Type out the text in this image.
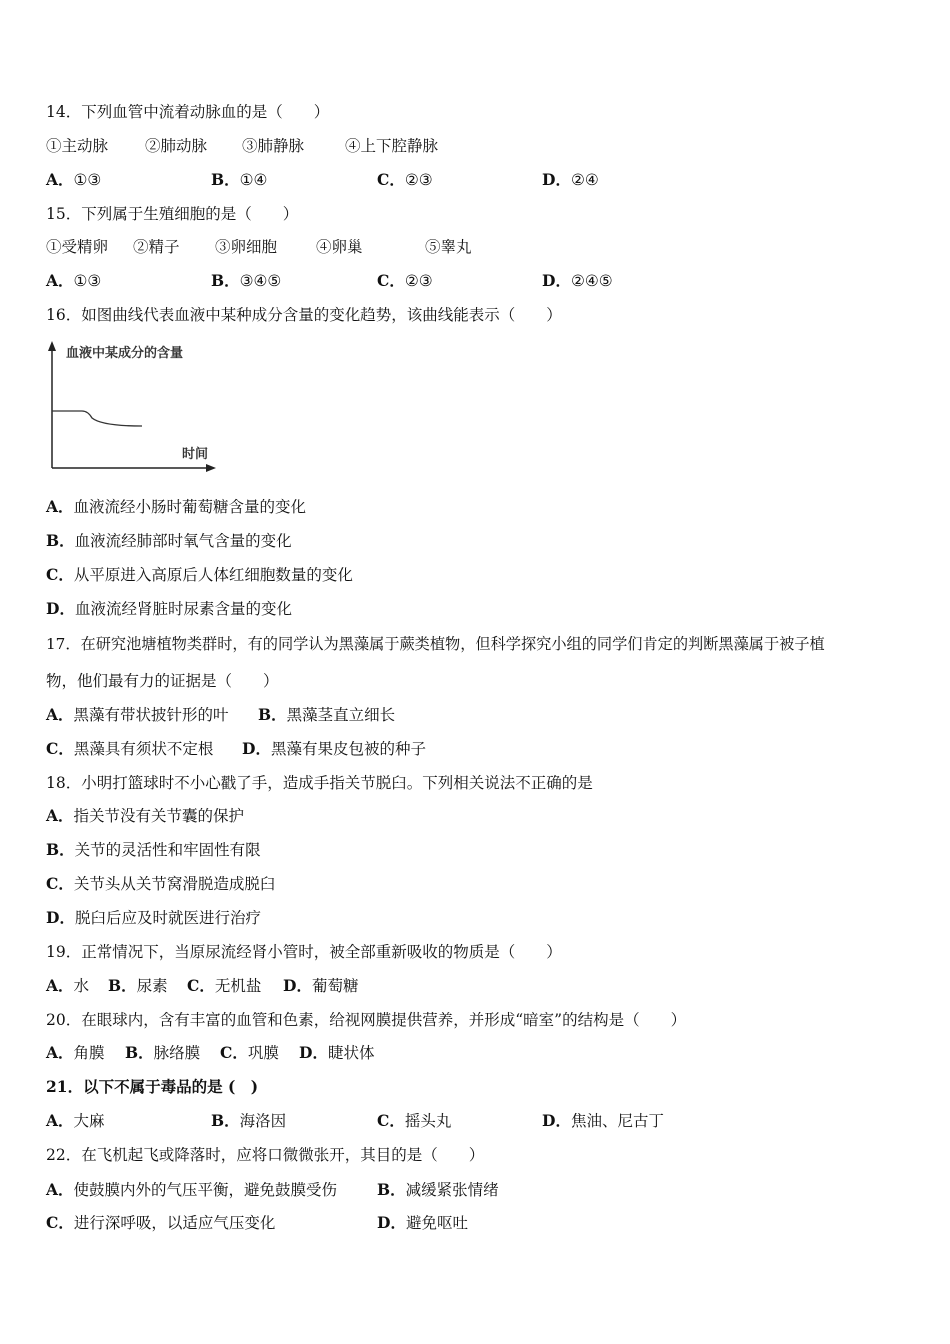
14．下列血管中流着动脉血的是（　　）
①主动脉 ②肺动脉 ③肺静脉	④上下腔静脉
A．①③	B．①④	C．②③	D．②④
15．下列属于生殖细胞的是（　　）
①受精卵 ②精子 ③卵细胞	④卵巢	⑤睾丸
A．①③	B．③④⑤	C．②③	D．②④⑤
16．如图曲线代表血液中某种成分含量的变化趋势，该曲线能表示（　　）
血液中某成分的含量
时间
A．血液流经小肠时葡萄糖含量的变化
B．血液流经肺部时氧气含量的变化
C．从平原进入高原后人体红细胞数量的变化
D．血液流经肾脏时尿素含量的变化
17．在研究池塘植物类群时，有的同学认为黑藻属于蕨类植物，但科学探究小组的同学们肯定的判断黑藻属于被子植
物，他们最有力的证据是（　　）
A．黑藻有带状披针形的叶 B．黑藻茎直立细长
C．黑藻具有须状不定根 D．黑藻有果皮包被的种子
18．小明打篮球时不小心戳了手，造成手指关节脱臼。下列相关说法不正确的是
A．指关节没有关节囊的保护
B．关节的灵活性和牢固性有限
C．关节头从关节窝滑脱造成脱臼
D．脱臼后应及时就医进行治疗
19．正常情况下，当原尿流经肾小管时，被全部重新吸收的物质是（　　）
A．水 B．尿素 C．无机盐 D．葡萄糖
20．在眼球内，含有丰富的血管和色素，给视网膜提供营养，并形成“暗室”的结构是（　　）
A．角膜 B．脉络膜 C．巩膜 D．睫状体
21．以下不属于毒品的是 (　)
A．大麻	B．海洛因	C．摇头丸	D．焦油、尼古丁
22．在飞机起飞或降落时，应将口微微张开，其目的是（　　）
A．使鼓膜内外的气压平衡，避免鼓膜受伤	B．减缓紧张情绪
C．进行深呼吸，以适应气压变化	D．避免呕吐
